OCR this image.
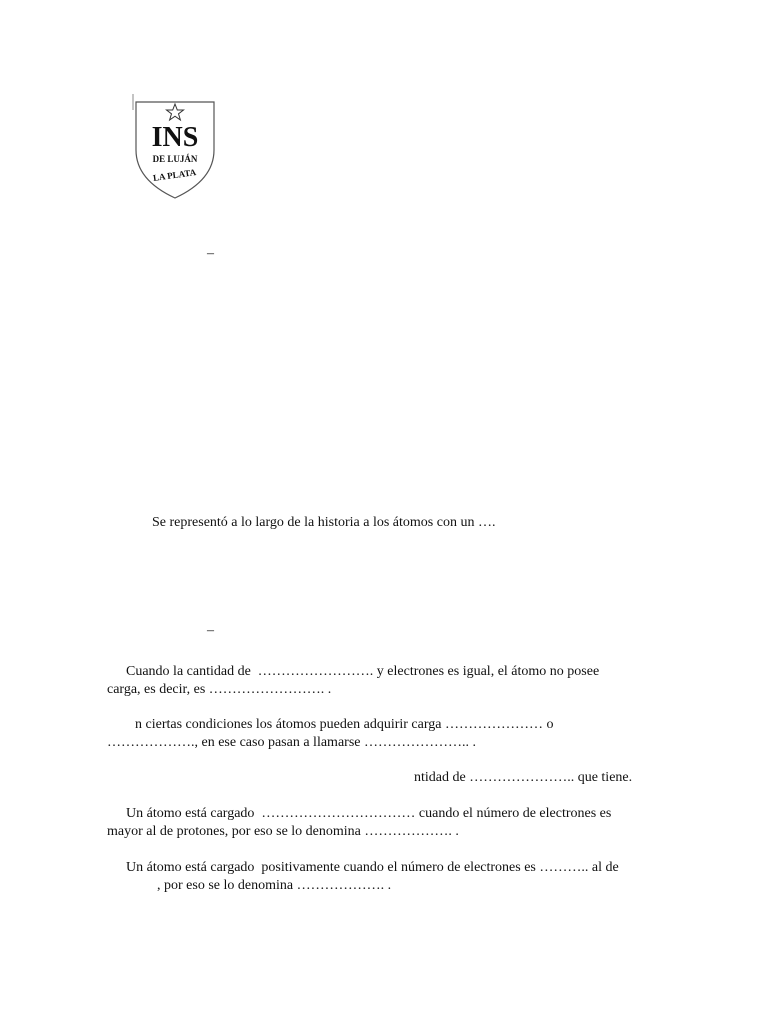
INS
DE LUJÁN
LA PLATA
–
Se representó a lo largo de la historia a los átomos con un ….
–
Cuando la cantidad de  ……………………. y electrones es igual, el átomo no posee
carga, es decir, es ……………………. .
n ciertas condiciones los átomos pueden adquirir carga ………………… o
………………., en ese caso pasan a llamarse ………………….. .
ntidad de ………………….. que tiene.
Un átomo está cargado  …………………………… cuando el número de electrones es
mayor al de protones, por eso se lo denomina ………………. .
Un átomo está cargado  positivamente cuando el número de electrones es ……….. al de
, por eso se lo denomina ………………. .
